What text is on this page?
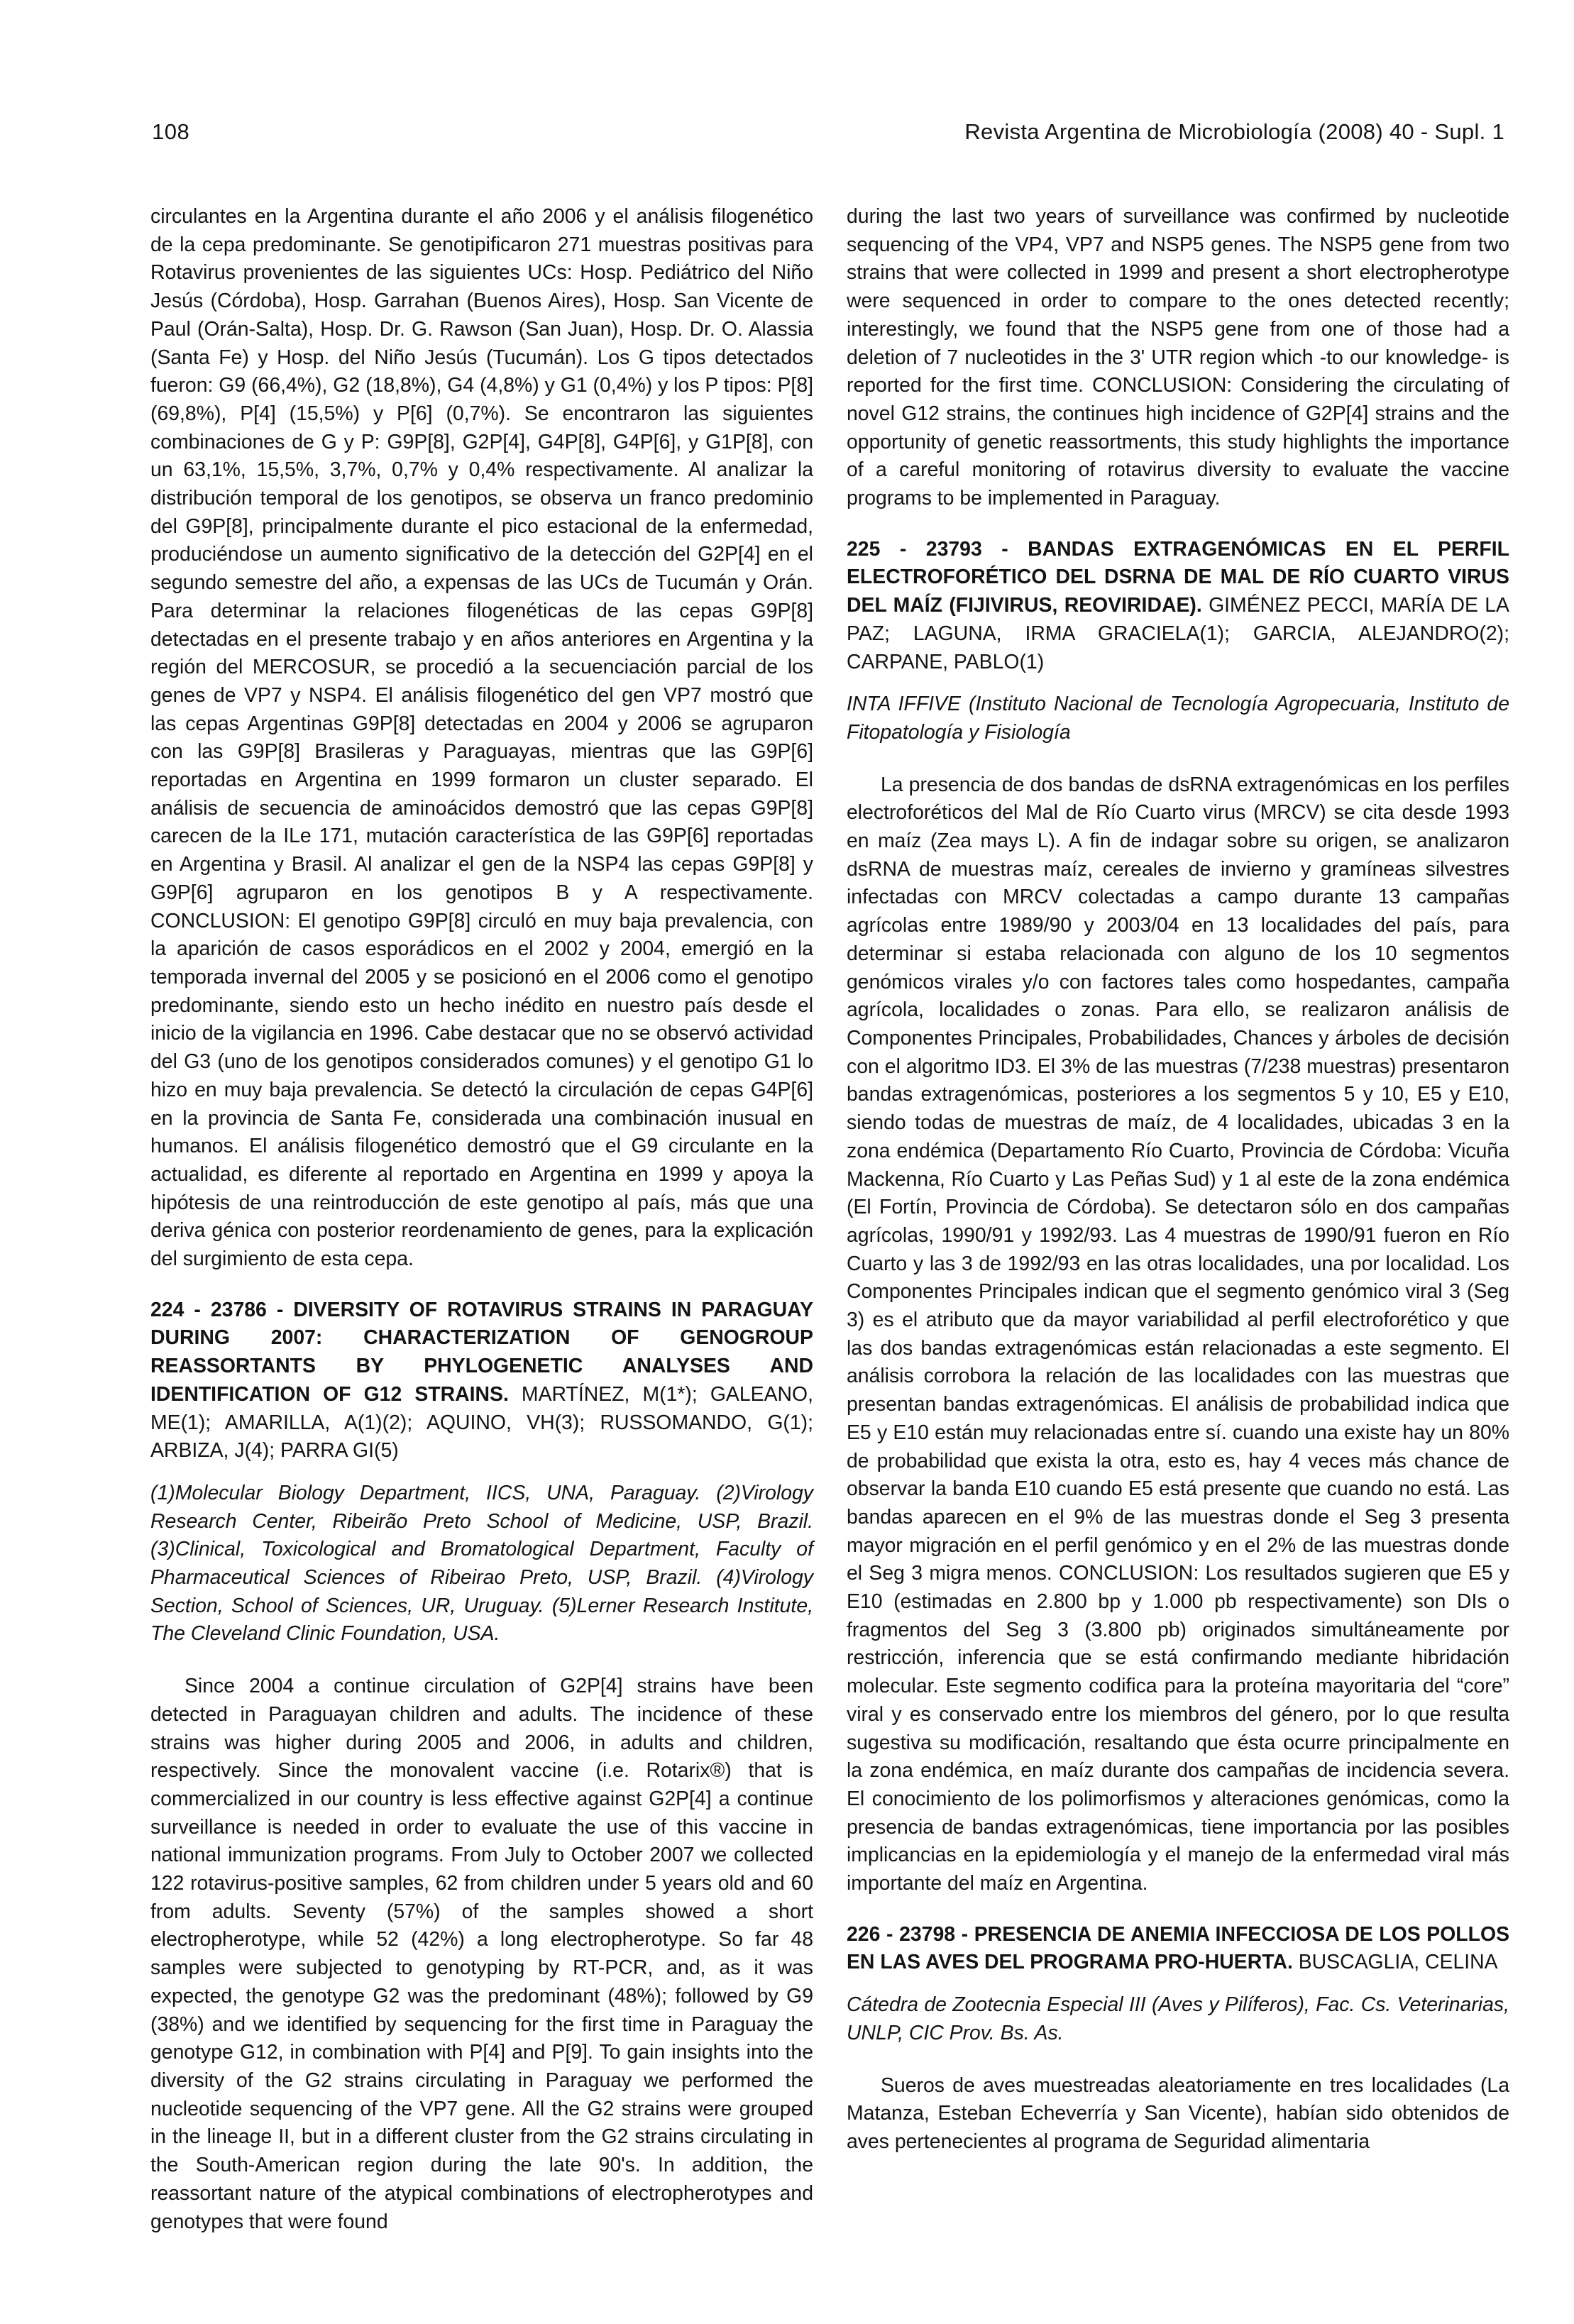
108	Revista Argentina de Microbiología (2008) 40 - Supl. 1

circulantes en la Argentina durante el año 2006 y el análisis filogenético de la cepa predominante. Se genotipificaron 271 muestras positivas para Rotavirus provenientes de las siguientes UCs: Hosp. Pediátrico del Niño Jesús (Córdoba), Hosp. Garrahan (Buenos Aires), Hosp. San Vicente de Paul (Orán-Salta), Hosp. Dr. G. Rawson (San Juan), Hosp. Dr. O. Alassia (Santa Fe) y Hosp. del Niño Jesús (Tucumán). Los G tipos detectados fueron: G9 (66,4%), G2 (18,8%), G4 (4,8%) y G1 (0,4%) y los P tipos: P[8] (69,8%), P[4] (15,5%) y P[6] (0,7%). Se encontraron las siguientes combinaciones de G y P: G9P[8], G2P[4], G4P[8], G4P[6], y G1P[8], con un 63,1%, 15,5%, 3,7%, 0,7% y 0,4% respectivamente. Al analizar la distribución temporal de los genotipos, se observa un franco predominio del G9P[8], principalmente durante el pico estacional de la enfermedad, produciéndose un aumento significativo de la detección del G2P[4] en el segundo semestre del año, a expensas de las UCs de Tucumán y Orán. Para determinar la relaciones filogenéticas de las cepas G9P[8] detectadas en el presente trabajo y en años anteriores en Argentina y la región del MERCOSUR, se procedió a la secuenciación parcial de los genes de VP7 y NSP4. El análisis filogenético del gen VP7 mostró que las cepas Argentinas G9P[8] detectadas en 2004 y 2006 se agruparon con las G9P[8] Brasileras y Paraguayas, mientras que las G9P[6] reportadas en Argentina en 1999 formaron un cluster separado. El análisis de secuencia de aminoácidos demostró que las cepas G9P[8] carecen de la ILe 171, mutación característica de las G9P[6] reportadas en Argentina y Brasil. Al analizar el gen de la NSP4 las cepas G9P[8] y G9P[6] agruparon en los genotipos B y A respectivamente. CONCLUSION: El genotipo G9P[8] circuló en muy baja prevalencia, con la aparición de casos esporádicos en el 2002 y 2004, emergió en la temporada invernal del 2005 y se posicionó en el 2006 como el genotipo predominante, siendo esto un hecho inédito en nuestro país desde el inicio de la vigilancia en 1996. Cabe destacar que no se observó actividad del G3 (uno de los genotipos considerados comunes) y el genotipo G1 lo hizo en muy baja prevalencia. Se detectó la circulación de cepas G4P[6] en la provincia de Santa Fe, considerada una combinación inusual en humanos. El análisis filogenético demostró que el G9 circulante en la actualidad, es diferente al reportado en Argentina en 1999 y apoya la hipótesis de una reintroducción de este genotipo al país, más que una deriva génica con posterior reordenamiento de genes, para la explicación del surgimiento de esta cepa.

224 - 23786 - DIVERSITY OF ROTAVIRUS STRAINS IN PARAGUAY DURING 2007: CHARACTERIZATION OF GENOGROUP REASSORTANTS BY PHYLOGENETIC ANALYSES AND IDENTIFICATION OF G12 STRAINS. MARTÍNEZ, M(1*); GALEANO, ME(1); AMARILLA, A(1)(2); AQUINO, VH(3); RUSSOMANDO, G(1); ARBIZA, J(4); PARRA GI(5)

(1)Molecular Biology Department, IICS, UNA, Paraguay. (2)Virology Research Center, Ribeirão Preto School of Medicine, USP, Brazil. (3)Clinical, Toxicological and Bromatological Department, Faculty of Pharmaceutical Sciences of Ribeirao Preto, USP, Brazil. (4)Virology Section, School of Sciences, UR, Uruguay. (5)Lerner Research Institute, The Cleveland Clinic Foundation, USA.

Since 2004 a continue circulation of G2P[4] strains have been detected in Paraguayan children and adults. The incidence of these strains was higher during 2005 and 2006, in adults and children, respectively. Since the monovalent vaccine (i.e. Rotarix®) that is commercialized in our country is less effective against G2P[4] a continue surveillance is needed in order to evaluate the use of this vaccine in national immunization programs. From July to October 2007 we collected 122 rotavirus-positive samples, 62 from children under 5 years old and 60 from adults. Seventy (57%) of the samples showed a short electropherotype, while 52 (42%) a long electropherotype. So far 48 samples were subjected to genotyping by RT-PCR, and, as it was expected, the genotype G2 was the predominant (48%); followed by G9 (38%) and we identified by sequencing for the first time in Paraguay the genotype G12, in combination with P[4] and P[9]. To gain insights into the diversity of the G2 strains circulating in Paraguay we performed the nucleotide sequencing of the VP7 gene. All the G2 strains were grouped in the lineage II, but in a different cluster from the G2 strains circulating in the South-American region during the late 90's. In addition, the reassortant nature of the atypical combinations of electropherotypes and genotypes that were found

during the last two years of surveillance was confirmed by nucleotide sequencing of the VP4, VP7 and NSP5 genes. The NSP5 gene from two strains that were collected in 1999 and present a short electropherotype were sequenced in order to compare to the ones detected recently; interestingly, we found that the NSP5 gene from one of those had a deletion of 7 nucleotides in the 3' UTR region which -to our knowledge- is reported for the first time. CONCLUSION: Considering the circulating of novel G12 strains, the continues high incidence of G2P[4] strains and the opportunity of genetic reassortments, this study highlights the importance of a careful monitoring of rotavirus diversity to evaluate the vaccine programs to be implemented in Paraguay.

225 - 23793 - BANDAS EXTRAGENÓMICAS EN EL PERFIL ELECTROFORÉTICO DEL DSRNA DE MAL DE RÍO CUARTO VIRUS DEL MAÍZ (FIJIVIRUS, REOVIRIDAE). GIMÉNEZ PECCI, MARÍA DE LA PAZ; LAGUNA, IRMA GRACIELA(1); GARCIA, ALEJANDRO(2); CARPANE, PABLO(1)

INTA IFFIVE (Instituto Nacional de Tecnología Agropecuaria, Instituto de Fitopatología y Fisiología

La presencia de dos bandas de dsRNA extragenómicas en los perfiles electroforéticos del Mal de Río Cuarto virus (MRCV) se cita desde 1993 en maíz (Zea mays L). A fin de indagar sobre su origen, se analizaron dsRNA de muestras maíz, cereales de invierno y gramíneas silvestres infectadas con MRCV colectadas a campo durante 13 campañas agrícolas entre 1989/90 y 2003/04 en 13 localidades del país, para determinar si estaba relacionada con alguno de los 10 segmentos genómicos virales y/o con factores tales como hospedantes, campaña agrícola, localidades o zonas. Para ello, se realizaron análisis de Componentes Principales, Probabilidades, Chances y árboles de decisión con el algoritmo ID3. El 3% de las muestras (7/238 muestras) presentaron bandas extragenómicas, posteriores a los segmentos 5 y 10, E5 y E10, siendo todas de muestras de maíz, de 4 localidades, ubicadas 3 en la zona endémica (Departamento Río Cuarto, Provincia de Córdoba: Vicuña Mackenna, Río Cuarto y Las Peñas Sud) y 1 al este de la zona endémica (El Fortín, Provincia de Córdoba). Se detectaron sólo en dos campañas agrícolas, 1990/91 y 1992/93. Las 4 muestras de 1990/91 fueron en Río Cuarto y las 3 de 1992/93 en las otras localidades, una por localidad. Los Componentes Principales indican que el segmento genómico viral 3 (Seg 3) es el atributo que da mayor variabilidad al perfil electroforético y que las dos bandas extragenómicas están relacionadas a este segmento. El análisis corrobora la relación de las localidades con las muestras que presentan bandas extragenómicas. El análisis de probabilidad indica que E5 y E10 están muy relacionadas entre sí. cuando una existe hay un 80% de probabilidad que exista la otra, esto es, hay 4 veces más chance de observar la banda E10 cuando E5 está presente que cuando no está. Las bandas aparecen en el 9% de las muestras donde el Seg 3 presenta mayor migración en el perfil genómico y en el 2% de las muestras donde el Seg 3 migra menos. CONCLUSION: Los resultados sugieren que E5 y E10 (estimadas en 2.800 bp y 1.000 pb respectivamente) son DIs o fragmentos del Seg 3 (3.800 pb) originados simultáneamente por restricción, inferencia que se está confirmando mediante hibridación molecular. Este segmento codifica para la proteína mayoritaria del “core” viral y es conservado entre los miembros del género, por lo que resulta sugestiva su modificación, resaltando que ésta ocurre principalmente en la zona endémica, en maíz durante dos campañas de incidencia severa. El conocimiento de los polimorfismos y alteraciones genómicas, como la presencia de bandas extragenómicas, tiene importancia por las posibles implicancias en la epidemiología y el manejo de la enfermedad viral más importante del maíz en Argentina.

226 - 23798 - PRESENCIA DE ANEMIA INFECCIOSA DE LOS POLLOS EN LAS AVES DEL PROGRAMA PRO-HUERTA. BUSCAGLIA, CELINA

Cátedra de Zootecnia Especial III (Aves y Pilíferos), Fac. Cs. Veterinarias, UNLP, CIC Prov. Bs. As.

Sueros de aves muestreadas aleatoriamente en tres localidades (La Matanza, Esteban Echeverría y San Vicente), habían sido obtenidos de aves pertenecientes al programa de Seguridad alimentaria
